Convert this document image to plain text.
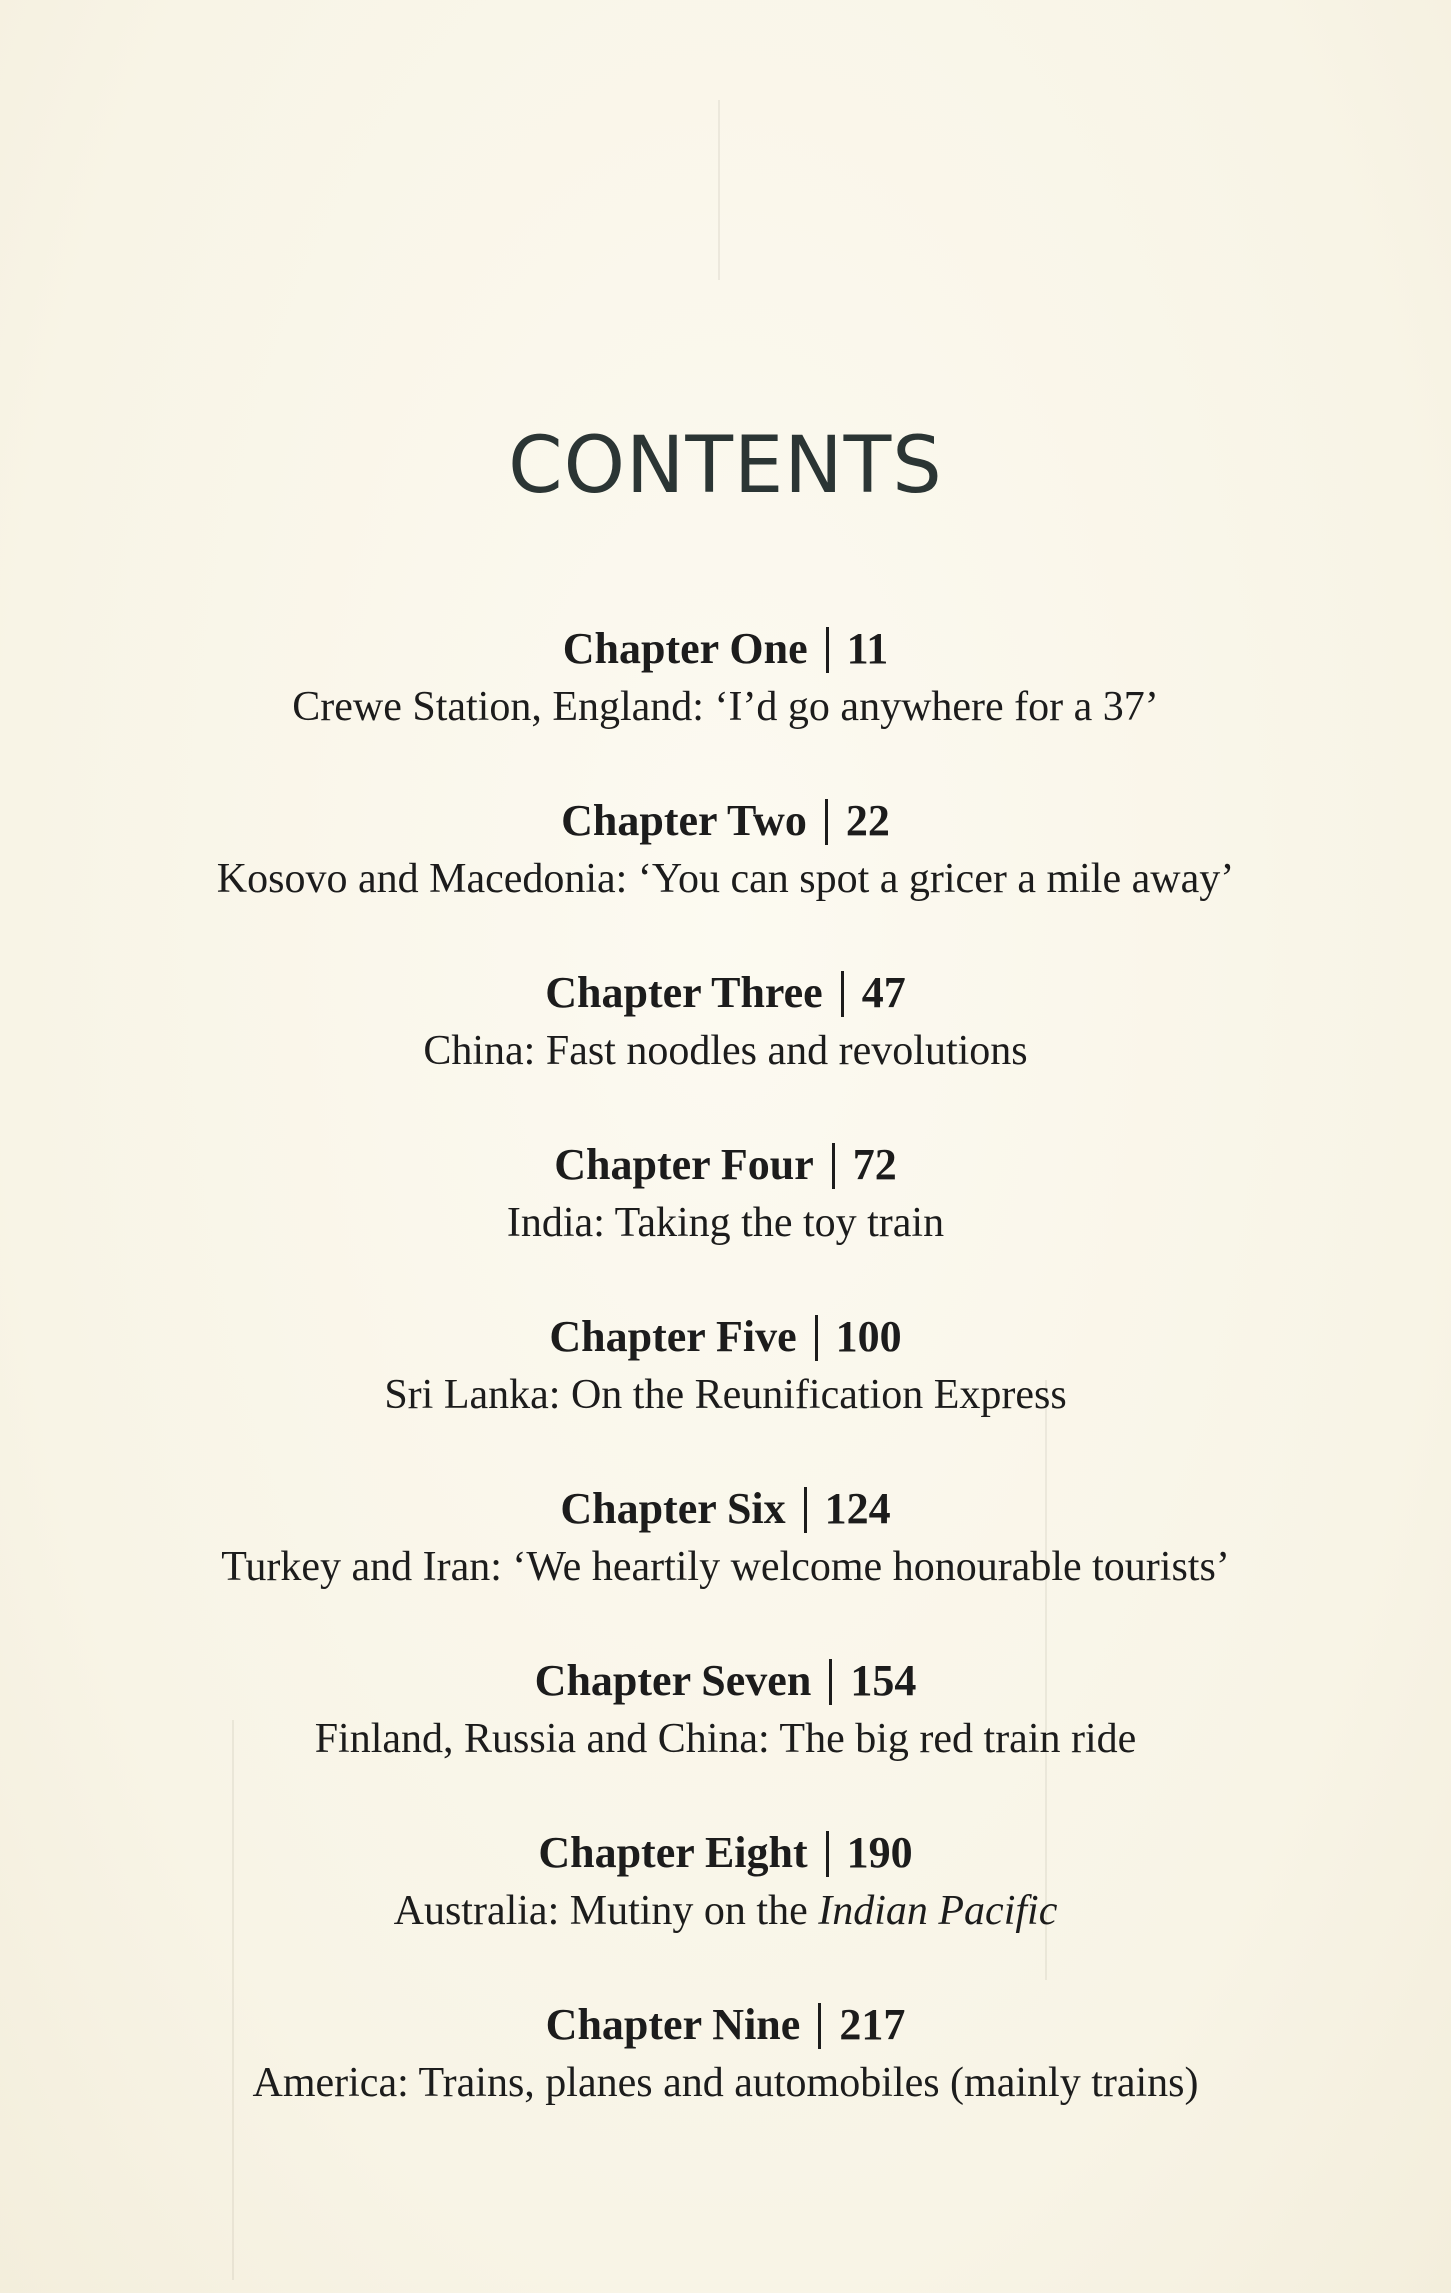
CONTENTS
Chapter One 11
Crewe Station, England: ‘I’d go anywhere for a 37’
Chapter Two 22
Kosovo and Macedonia: ‘You can spot a gricer a mile away’
Chapter Three 47
China: Fast noodles and revolutions
Chapter Four 72
India: Taking the toy train
Chapter Five 100
Sri Lanka: On the Reunification Express
Chapter Six 124
Turkey and Iran: ‘We heartily welcome honourable tourists’
Chapter Seven 154
Finland, Russia and China: The big red train ride
Chapter Eight 190
Australia: Mutiny on the Indian Pacific
Chapter Nine 217
America: Trains, planes and automobiles (mainly trains)
